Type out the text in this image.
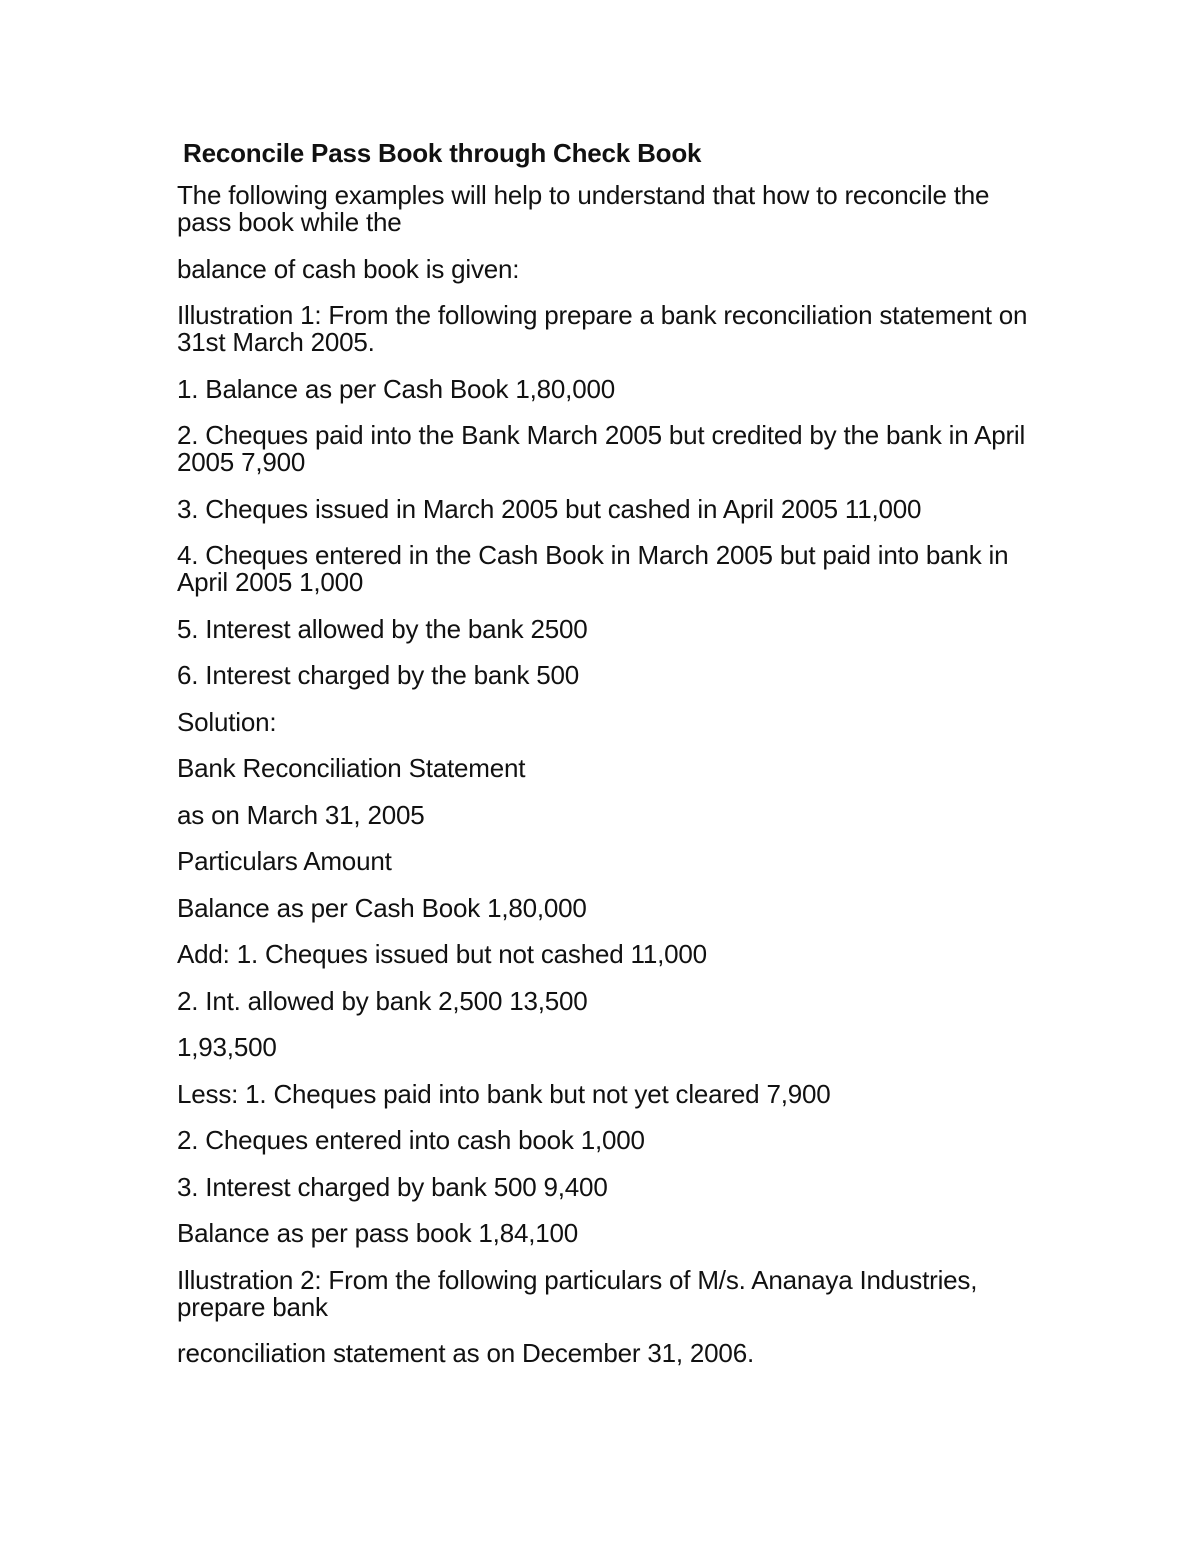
Reconcile Pass Book through Check Book
The following examples will help to understand that how to reconcile the pass book while the
balance of cash book is given:
Illustration 1: From the following prepare a bank reconciliation statement on 31st March 2005.
1. Balance as per Cash Book 1,80,000
2. Cheques paid into the Bank March 2005 but credited by the bank in April 2005 7,900
3. Cheques issued in March 2005 but cashed in April 2005 11,000
4. Cheques entered in the Cash Book in March 2005 but paid into bank in April 2005 1,000
5. Interest allowed by the bank 2500
6. Interest charged by the bank 500
Solution:
Bank Reconciliation Statement
as on March 31, 2005
Particulars Amount
Balance as per Cash Book 1,80,000
Add: 1. Cheques issued but not cashed 11,000
2. Int. allowed by bank 2,500 13,500
1,93,500
Less: 1. Cheques paid into bank but not yet cleared 7,900
2. Cheques entered into cash book 1,000
3. Interest charged by bank 500 9,400
Balance as per pass book 1,84,100
Illustration 2: From the following particulars of M/s. Ananaya Industries, prepare bank
reconciliation statement as on December 31, 2006.
